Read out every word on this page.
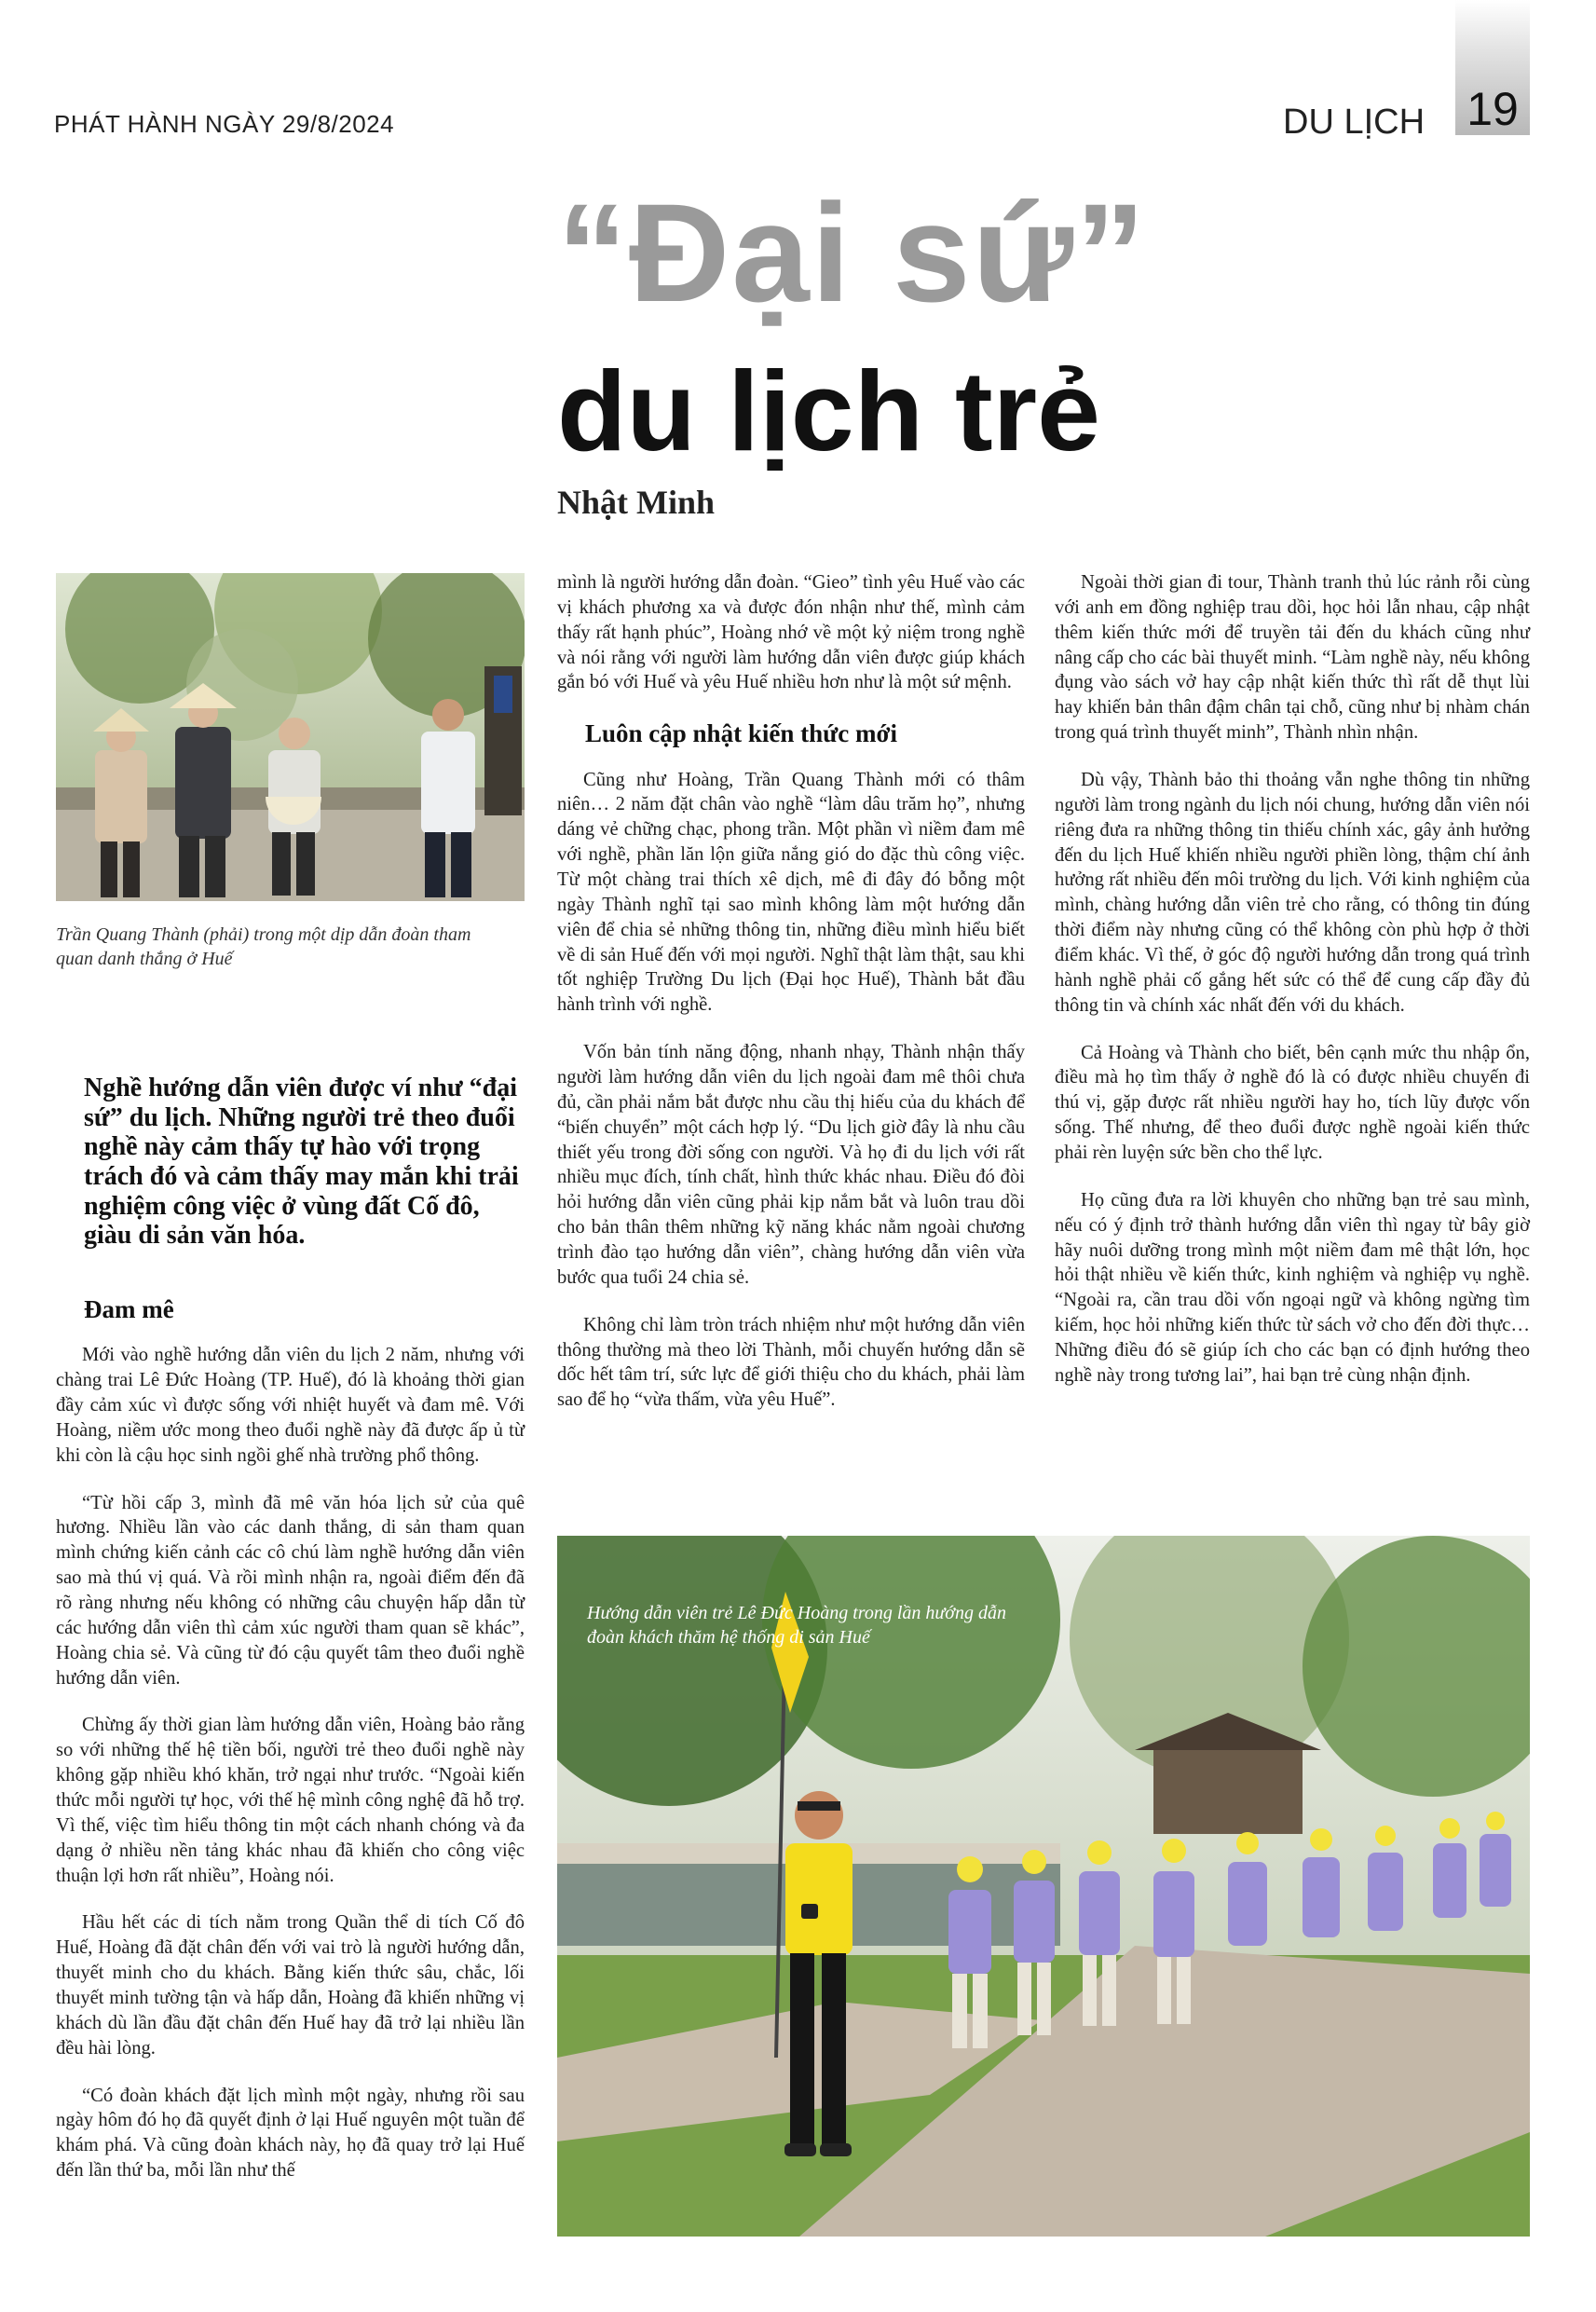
PHÁT HÀNH NGÀY 29/8/2024	DU LỊCH 19
“Đại sứ”
du lịch trẻ
Nhật Minh
Trần Quang Thành (phải) trong một dịp dẫn đoàn tham quan danh thắng ở Huế
Nghề hướng dẫn viên được ví như “đại sứ” du lịch. Những người trẻ theo đuổi nghề này cảm thấy tự hào với trọng trách đó và cảm thấy may mắn khi trải nghiệm công việc ở vùng đất Cố đô, giàu di sản văn hóa.
Đam mê

Mới vào nghề hướng dẫn viên du lịch 2 năm, nhưng với chàng trai Lê Đức Hoàng (TP. Huế), đó là khoảng thời gian đầy cảm xúc vì được sống với nhiệt huyết và đam mê. Với Hoàng, niềm ước mong theo đuổi nghề này đã được ấp ủ từ khi còn là cậu học sinh ngồi ghế nhà trường phổ thông.

“Từ hồi cấp 3, mình đã mê văn hóa lịch sử của quê hương. Nhiều lần vào các danh thắng, di sản tham quan mình chứng kiến cảnh các cô chú làm nghề hướng dẫn viên sao mà thú vị quá. Và rồi mình nhận ra, ngoài điểm đến đã rõ ràng nhưng nếu không có những câu chuyện hấp dẫn từ các hướng dẫn viên thì cảm xúc người tham quan sẽ khác”, Hoàng chia sẻ. Và cũng từ đó cậu quyết tâm theo đuổi nghề hướng dẫn viên.

Chừng ấy thời gian làm hướng dẫn viên, Hoàng bảo rằng so với những thế hệ tiền bối, người trẻ theo đuổi nghề này không gặp nhiều khó khăn, trở ngại như trước. “Ngoài kiến thức mỗi người tự học, với thế hệ mình công nghệ đã hỗ trợ. Vì thế, việc tìm hiểu thông tin một cách nhanh chóng và đa dạng ở nhiều nền tảng khác nhau đã khiến cho công việc thuận lợi hơn rất nhiều”, Hoàng nói.

Hầu hết các di tích nằm trong Quần thể di tích Cố đô Huế, Hoàng đã đặt chân đến với vai trò là người hướng dẫn, thuyết minh cho du khách. Bằng kiến thức sâu, chắc, lối thuyết minh tường tận và hấp dẫn, Hoàng đã khiến những vị khách dù lần đầu đặt chân đến Huế hay đã trở lại nhiều lần đều hài lòng.

“Có đoàn khách đặt lịch mình một ngày, nhưng rồi sau ngày hôm đó họ đã quyết định ở lại Huế nguyên một tuần để khám phá. Và cũng đoàn khách này, họ đã quay trở lại Huế đến lần thứ ba, mỗi lần như thế

mình là người hướng dẫn đoàn. “Gieo” tình yêu Huế vào các vị khách phương xa và được đón nhận như thế, mình cảm thấy rất hạnh phúc”, Hoàng nhớ về một kỷ niệm trong nghề và nói rằng với người làm hướng dẫn viên được giúp khách gắn bó với Huế và yêu Huế nhiều hơn như là một sứ mệnh.

Luôn cập nhật kiến thức mới

Cũng như Hoàng, Trần Quang Thành mới có thâm niên… 2 năm đặt chân vào nghề “làm dâu trăm họ”, nhưng dáng vẻ chững chạc, phong trần. Một phần vì niềm đam mê với nghề, phần lăn lộn giữa nắng gió do đặc thù công việc. Từ một chàng trai thích xê dịch, mê đi đây đó bỗng một ngày Thành nghĩ tại sao mình không làm một hướng dẫn viên để chia sẻ những thông tin, những điều mình hiểu biết về di sản Huế đến với mọi người. Nghĩ thật làm thật, sau khi tốt nghiệp Trường Du lịch (Đại học Huế), Thành bắt đầu hành trình với nghề.

Vốn bản tính năng động, nhanh nhạy, Thành nhận thấy người làm hướng dẫn viên du lịch ngoài đam mê thôi chưa đủ, cần phải nắm bắt được nhu cầu thị hiếu của du khách để “biến chuyển” một cách hợp lý. “Du lịch giờ đây là nhu cầu thiết yếu trong đời sống con người. Và họ đi du lịch với rất nhiều mục đích, tính chất, hình thức khác nhau. Điều đó đòi hỏi hướng dẫn viên cũng phải kịp nắm bắt và luôn trau dồi cho bản thân thêm những kỹ năng khác nằm ngoài chương trình đào tạo hướng dẫn viên”, chàng hướng dẫn viên vừa bước qua tuổi 24 chia sẻ.

Không chỉ làm tròn trách nhiệm như một hướng dẫn viên thông thường mà theo lời Thành, mỗi chuyến hướng dẫn sẽ dốc hết tâm trí, sức lực để giới thiệu cho du khách, phải làm sao để họ “vừa thấm, vừa yêu Huế”.

Ngoài thời gian đi tour, Thành tranh thủ lúc rảnh rỗi cùng với anh em đồng nghiệp trau dồi, học hỏi lẫn nhau, cập nhật thêm kiến thức mới để truyền tải đến du khách cũng như nâng cấp cho các bài thuyết minh. “Làm nghề này, nếu không đụng vào sách vở hay cập nhật kiến thức thì rất dễ thụt lùi hay khiến bản thân đậm chân tại chỗ, cũng như bị nhàm chán trong quá trình thuyết minh”, Thành nhìn nhận.

Dù vậy, Thành bảo thi thoảng vẫn nghe thông tin những người làm trong ngành du lịch nói chung, hướng dẫn viên nói riêng đưa ra những thông tin thiếu chính xác, gây ảnh hưởng đến du lịch Huế khiến nhiều người phiền lòng, thậm chí ảnh hưởng rất nhiều đến môi trường du lịch. Với kinh nghiệm của mình, chàng hướng dẫn viên trẻ cho rằng, có thông tin đúng thời điểm này nhưng cũng có thể không còn phù hợp ở thời điểm khác. Vì thế, ở góc độ người hướng dẫn trong quá trình hành nghề phải cố gắng hết sức có thể để cung cấp đầy đủ thông tin và chính xác nhất đến với du khách.

Cả Hoàng và Thành cho biết, bên cạnh mức thu nhập ổn, điều mà họ tìm thấy ở nghề đó là có được nhiều chuyến đi thú vị, gặp được rất nhiều người hay ho, tích lũy được vốn sống. Thế nhưng, để theo đuổi được nghề ngoài kiến thức phải rèn luyện sức bền cho thể lực.

Họ cũng đưa ra lời khuyên cho những bạn trẻ sau mình, nếu có ý định trở thành hướng dẫn viên thì ngay từ bây giờ hãy nuôi dưỡng trong mình một niềm đam mê thật lớn, học hỏi thật nhiều về kiến thức, kinh nghiệm và nghiệp vụ nghề. “Ngoài ra, cần trau dồi vốn ngoại ngữ và không ngừng tìm kiếm, học hỏi những kiến thức từ sách vở cho đến đời thực… Những điều đó sẽ giúp ích cho các bạn có định hướng theo nghề này trong tương lai”, hai bạn trẻ cùng nhận định.

Hướng dẫn viên trẻ Lê Đức Hoàng trong lần hướng dẫn đoàn khách thăm hệ thống di sản Huế
